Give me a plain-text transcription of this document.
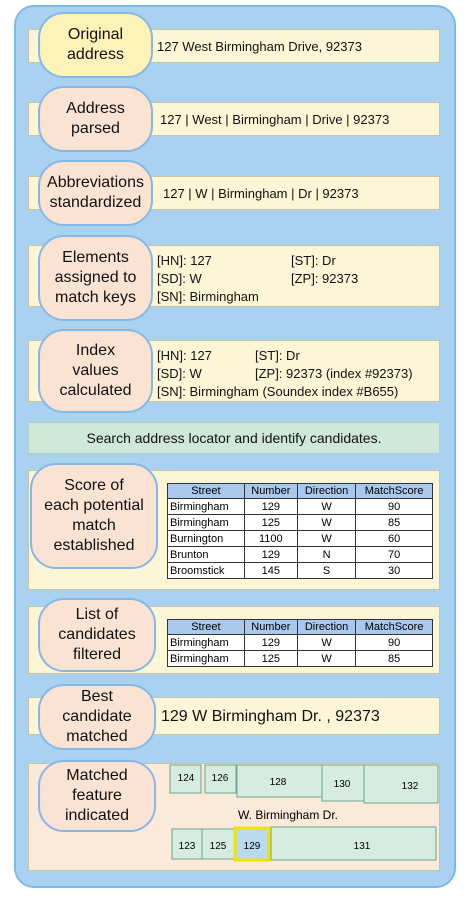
127 West Birmingham Drive, 92373
Original
address
127 | West | Birmingham | Drive | 92373
Address
parsed
127 | W | Birmingham | Dr | 92373
Abbreviations
standardized
[HN]: 127	[ST]: Dr
[SD]: W	[ZP]: 92373
[SN]: Birmingham
Elements
assigned to
match keys
[HN]: 127	[ST]: Dr
[SD]: W	[ZP]: 92373 (index #92373)
[SN]: Birmingham (Soundex index #B655)
Index
values
calculated
Search address locator and identify candidates.
Score of
each potential
match
established
Street	Number	Direction	MatchScore
Birmingham	129	W	90
Birmingham	125	W	85
Burnington	1100	W	60
Brunton	129	N	70
Broomstick	145	S	30
List of
candidates
filtered
Street	Number	Direction	MatchScore
Birmingham	129	W	90
Birmingham	125	W	85
129 W Birmingham Dr. , 92373
Best
candidate
matched
124 126	128	130	132
W. Birmingham Dr.
123 125 129	131
Matched
feature
indicated
